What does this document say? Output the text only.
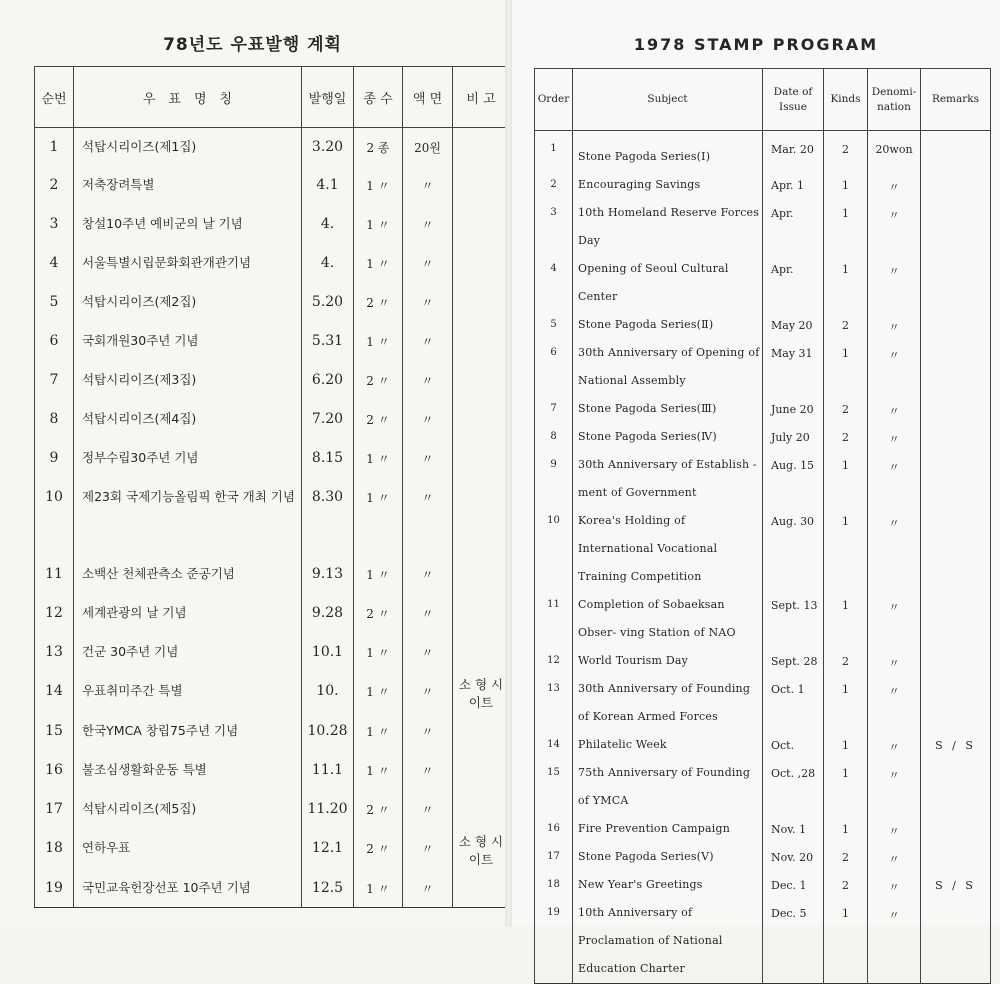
78년도 우표발행 계획
순번	우　표　명　칭	발행일	종 수	액 면	비 고
1	석탑시리이즈(제1집)	3.20	2 종	20원	
2	저축장려특별	4.1	1 〃	〃	
3	창설10주년 예비군의 날 기념	4.	1 〃	〃	
4	서울특별시립문화회관개관기념	4.	1 〃	〃	
5	석탑시리이즈(제2집)	5.20	2 〃	〃	
6	국회개원30주년 기념	5.31	1 〃	〃	
7	석탑시리이즈(제3집)	6.20	2 〃	〃	
8	석탑시리이즈(제4집)	7.20	2 〃	〃	
9	정부수립30주년 기념	8.15	1 〃	〃	
10	제23회 국제기능올림픽 한국 개최 기념	8.30	1 〃	〃	
11	소백산 천체관측소 준공기념	9.13	1 〃	〃	
12	세계관광의 날 기념	9.28	2 〃	〃	
13	건군 30주년 기념	10.1	1 〃	〃	
14	우표취미주간 특별	10.	1 〃	〃	소 형 시이트
15	한국YMCA 창립75주년 기념	10.28	1 〃	〃	
16	불조심생활화운동 특별	11.1	1 〃	〃	
17	석탑시리이즈(제5집)	11.20	2 〃	〃	
18	연하우표	12.1	2 〃	〃	소 형 시이트
19	국민교육헌장선포 10주년 기념	12.5	1 〃	〃	
1978 STAMP PROGRAM
Order	Subject	Date of Issue	Kinds	Denomi-nation	Remarks
1	Stone Pagoda Series(Ⅰ)	Mar. 20	2	20won	
2	Encouraging Savings	Apr. 1	1	〃	
3	10th Homeland Reserve Forces Day	Apr.	1	〃	
4	Opening of Seoul Cultural Center	Apr.	1	〃	
5	Stone Pagoda Series(Ⅱ)	May 20	2	〃	
6	30th Anniversary of Opening of National Assembly	May 31	1	〃	
7	Stone Pagoda Series(Ⅲ)	June 20	2	〃	
8	Stone Pagoda Series(Ⅳ)	July 20	2	〃	
9	30th Anniversary of Establish - ment of Government	Aug. 15	1	〃	
10	Korea's Holding of International Vocational Training Competition	Aug. 30	1	〃	
11	Completion of Sobaeksan Obser- ving Station of NAO	Sept. 13	1	〃	
12	World Tourism Day	Sept. 28	2	〃	
13	30th Anniversary of Founding of Korean Armed Forces	Oct. 1	1	〃	
14	Philatelic Week	Oct.	1	〃	S / S
15	75th Anniversary of Founding of YMCA	Oct. ,28	1	〃	
16	Fire Prevention Campaign	Nov. 1	1	〃	
17	Stone Pagoda Series(Ⅴ)	Nov. 20	2	〃	
18	New Year's Greetings	Dec. 1	2	〃	S / S
19	10th Anniversary of Proclamation of National Education Charter	Dec. 5	1	〃	
